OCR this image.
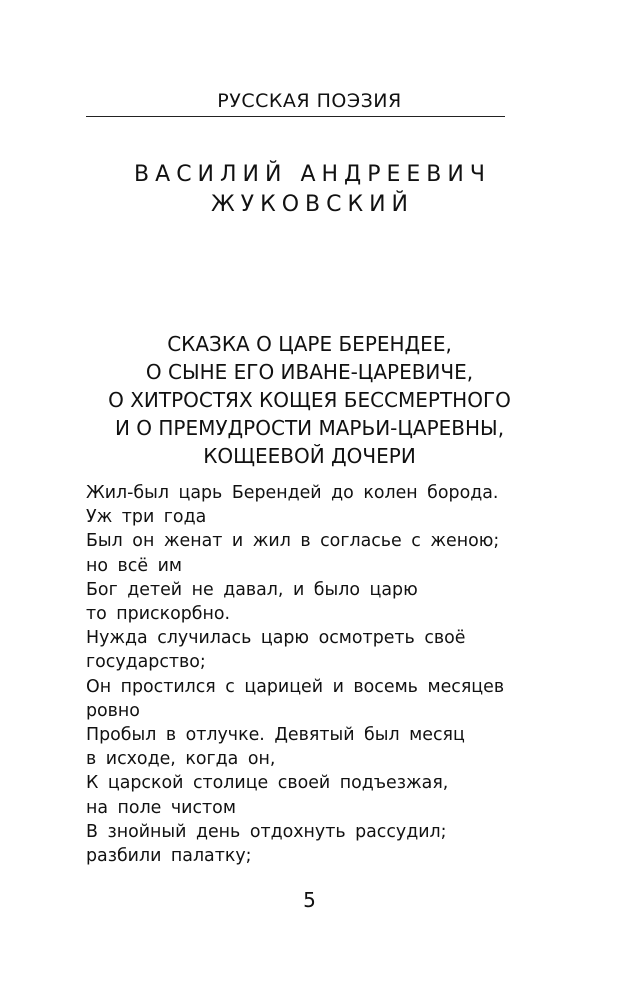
РУССКАЯ ПОЭЗИЯ
ВАСИЛИЙ АНДРЕЕВИЧ
ЖУКОВСКИЙ
СКАЗКА О ЦАРЕ БЕРЕНДЕЕ,
О СЫНЕ ЕГО ИВАНЕ-ЦАРЕВИЧЕ,
О ХИТРОСТЯХ КОЩЕЯ БЕССМЕРТНОГО
И О ПРЕМУДРОСТИ МАРЬИ-ЦАРЕВНЫ,
КОЩЕЕВОЙ ДОЧЕРИ
Жил-был царь Берендей до колен борода.
Уж три года
Был он женат и жил в согласье с женою;
но всё им
Бог детей не давал, и было царю
то прискорбно.
Нужда случилась царю осмотреть своё
государство;
Он простился с царицей и восемь месяцев
ровно
Пробыл в отлучке. Девятый был месяц
в исходе, когда он,
К царской столице своей подъезжая,
на поле чистом
В знойный день отдохнуть рассудил;
разбили палатку;
5
